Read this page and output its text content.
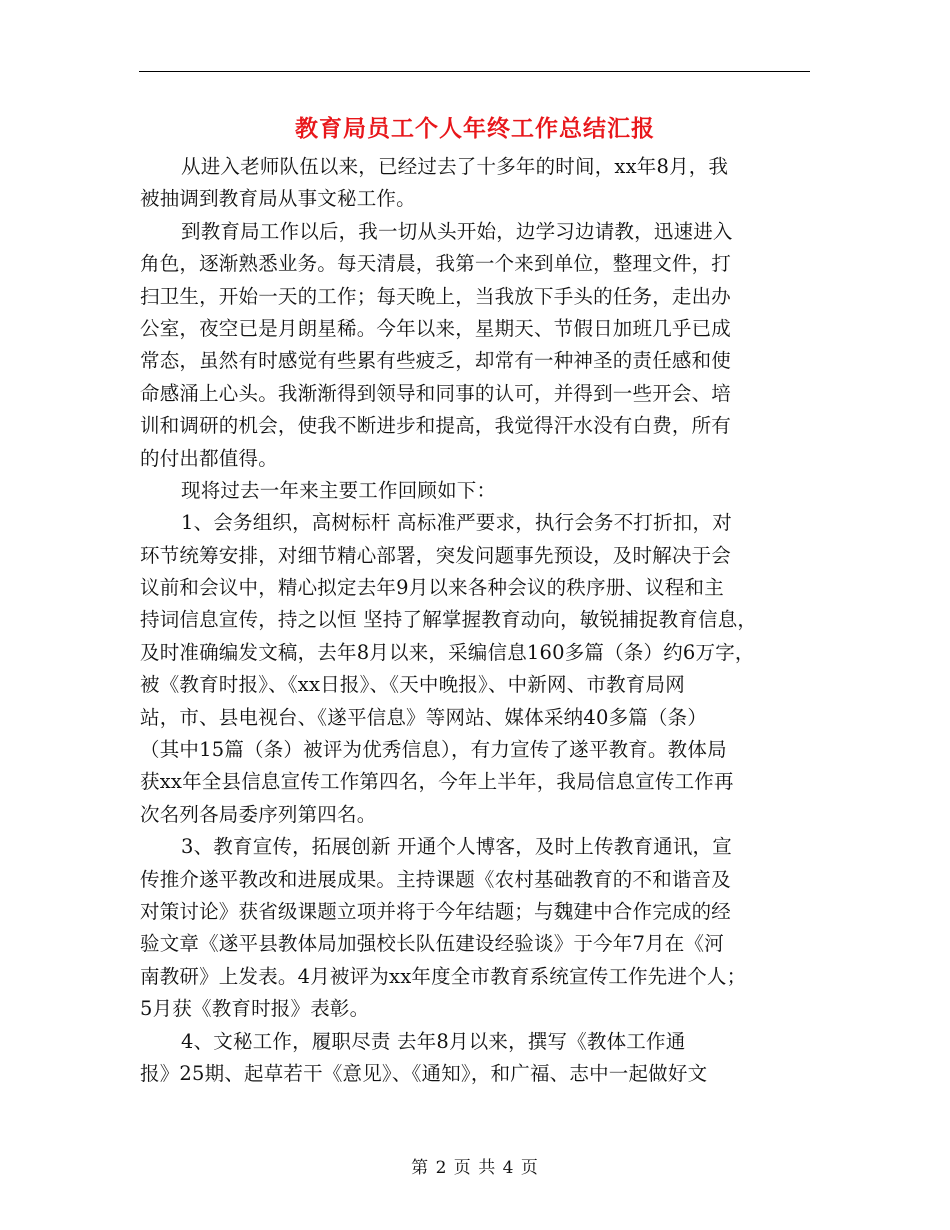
教育局员工个人年终工作总结汇报
从进入老师队伍以来，已经过去了十多年的时间，xx年8月，我
被抽调到教育局从事文秘工作。
到教育局工作以后，我一切从头开始，边学习边请教，迅速进入
角色，逐渐熟悉业务。每天清晨，我第一个来到单位，整理文件，打
扫卫生，开始一天的工作；每天晚上，当我放下手头的任务，走出办
公室，夜空已是月朗星稀。今年以来，星期天、节假日加班几乎已成
常态，虽然有时感觉有些累有些疲乏，却常有一种神圣的责任感和使
命感涌上心头。我渐渐得到领导和同事的认可，并得到一些开会、培
训和调研的机会，使我不断进步和提高，我觉得汗水没有白费，所有
的付出都值得。
现将过去一年来主要工作回顾如下：
1、会务组织，高树标杆 高标准严要求，执行会务不打折扣，对
环节统筹安排，对细节精心部署，突发问题事先预设，及时解决于会
议前和会议中，精心拟定去年9月以来各种会议的秩序册、议程和主
持词信息宣传，持之以恒 坚持了解掌握教育动向，敏锐捕捉教育信息，
及时准确编发文稿，去年8月以来，采编信息160多篇（条）约6万字，
被《教育时报》、《xx日报》、《天中晚报》、中新网、市教育局网
站，市、县电视台、《遂平信息》等网站、媒体采纳40多篇（条）
（其中15篇（条）被评为优秀信息），有力宣传了遂平教育。教体局
获xx年全县信息宣传工作第四名，今年上半年，我局信息宣传工作再
次名列各局委序列第四名。
3、教育宣传，拓展创新 开通个人博客，及时上传教育通讯，宣
传推介遂平教改和进展成果。主持课题《农村基础教育的不和谐音及
对策讨论》获省级课题立项并将于今年结题；与魏建中合作完成的经
验文章《遂平县教体局加强校长队伍建设经验谈》于今年7月在《河
南教研》上发表。4月被评为xx年度全市教育系统宣传工作先进个人；
5月获《教育时报》表彰。
4、文秘工作，履职尽责 去年8月以来，撰写《教体工作通
报》25期、起草若干《意见》、《通知》，和广福、志中一起做好文
第 2 页 共 4 页
